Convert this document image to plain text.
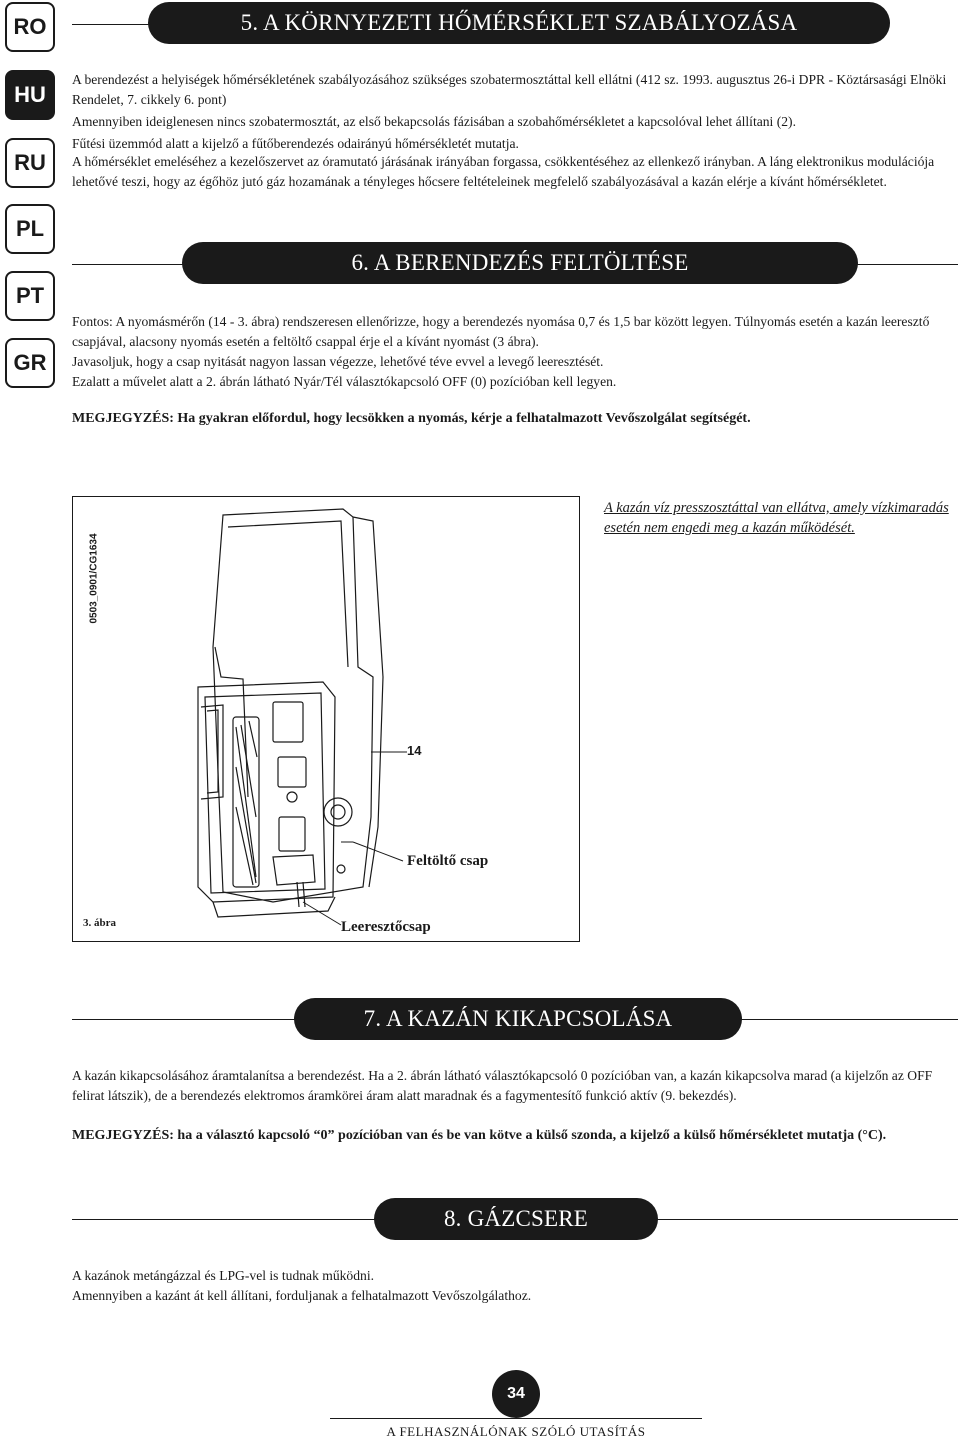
RO
HU
RU
PL
PT
GR
5. A KÖRNYEZETI HŐMÉRSÉKLET SZABÁLYOZÁSA

A berendezést a helyiségek hőmérsékletének szabályozásához szükséges szobatermosztáttal kell ellátni (412 sz. 1993. augusztus 26-i DPR - Köztársasági Elnöki Rendelet, 7. cikkely 6. pont)

Amennyiben ideiglenesen nincs szobatermosztát, az első bekapcsolás fázisában a szobahőmérsékletet a kapcsolóval lehet állítani (2).

Fűtési üzemmód alatt a kijelző a fűtőberendezés odairányú hőmérsékletét mutatja.

A hőmérséklet emeléséhez a kezelőszervet az óramutató járásának irányában forgassa, csökkentéséhez az ellenkező irányban. A láng elektronikus modulációja lehetővé teszi, hogy az égőhöz jutó gáz hozamának a tényleges hőcsere feltételeinek megfelelő szabályozásával a kazán elérje a kívánt hőmérsékletet.

6. A BERENDEZÉS FELTÖLTÉSE

Fontos: A nyomásmérőn (14 - 3. ábra) rendszeresen ellenőrizze, hogy a berendezés nyomása 0,7 és 1,5 bar között legyen. Túlnyomás esetén a kazán leeresztő csapjával, alacsony nyomás esetén a feltöltő csappal érje el a kívánt nyomást (3 ábra).

Javasoljuk, hogy a csap nyitását nagyon lassan végezze, lehetővé téve evvel a levegő leeresztését.

Ezalatt a művelet alatt a 2. ábrán látható Nyár/Tél választókapcsoló OFF (0) pozícióban kell legyen.

MEGJEGYZÉS: Ha gyakran előfordul, hogy lecsökken a nyomás, kérje a felhatalmazott Vevőszolgálat segítségét.

0503_0901/CG1634
14
Feltöltő csap
Leeresztőcsap
3. ábra
A kazán víz presszosztáttal van ellátva, amely vízkimaradás esetén nem engedi meg a kazán működését.
7. A KAZÁN KIKAPCSOLÁSA

A kazán kikapcsolásához áramtalanítsa a berendezést. Ha a 2. ábrán látható választókapcsoló 0 pozícióban van, a kazán kikapcsolva marad (a kijelzőn az OFF felirat látszik), de a berendezés elektromos áramkörei áram alatt maradnak és a fagymentesítő funkció aktív (9. bekezdés).

MEGJEGYZÉS: ha a választó kapcsoló “0” pozícióban van és be van kötve a külső szonda, a kijelző a külső hőmérsékletet mutatja (°C).

8. GÁZCSERE

A kazánok metángázzal és LPG-vel is tudnak működni.

Amennyiben a kazánt át kell állítani, forduljanak a felhatalmazott Vevőszolgálathoz.

34
A FELHASZNÁLÓNAK SZÓLÓ UTASÍTÁS
